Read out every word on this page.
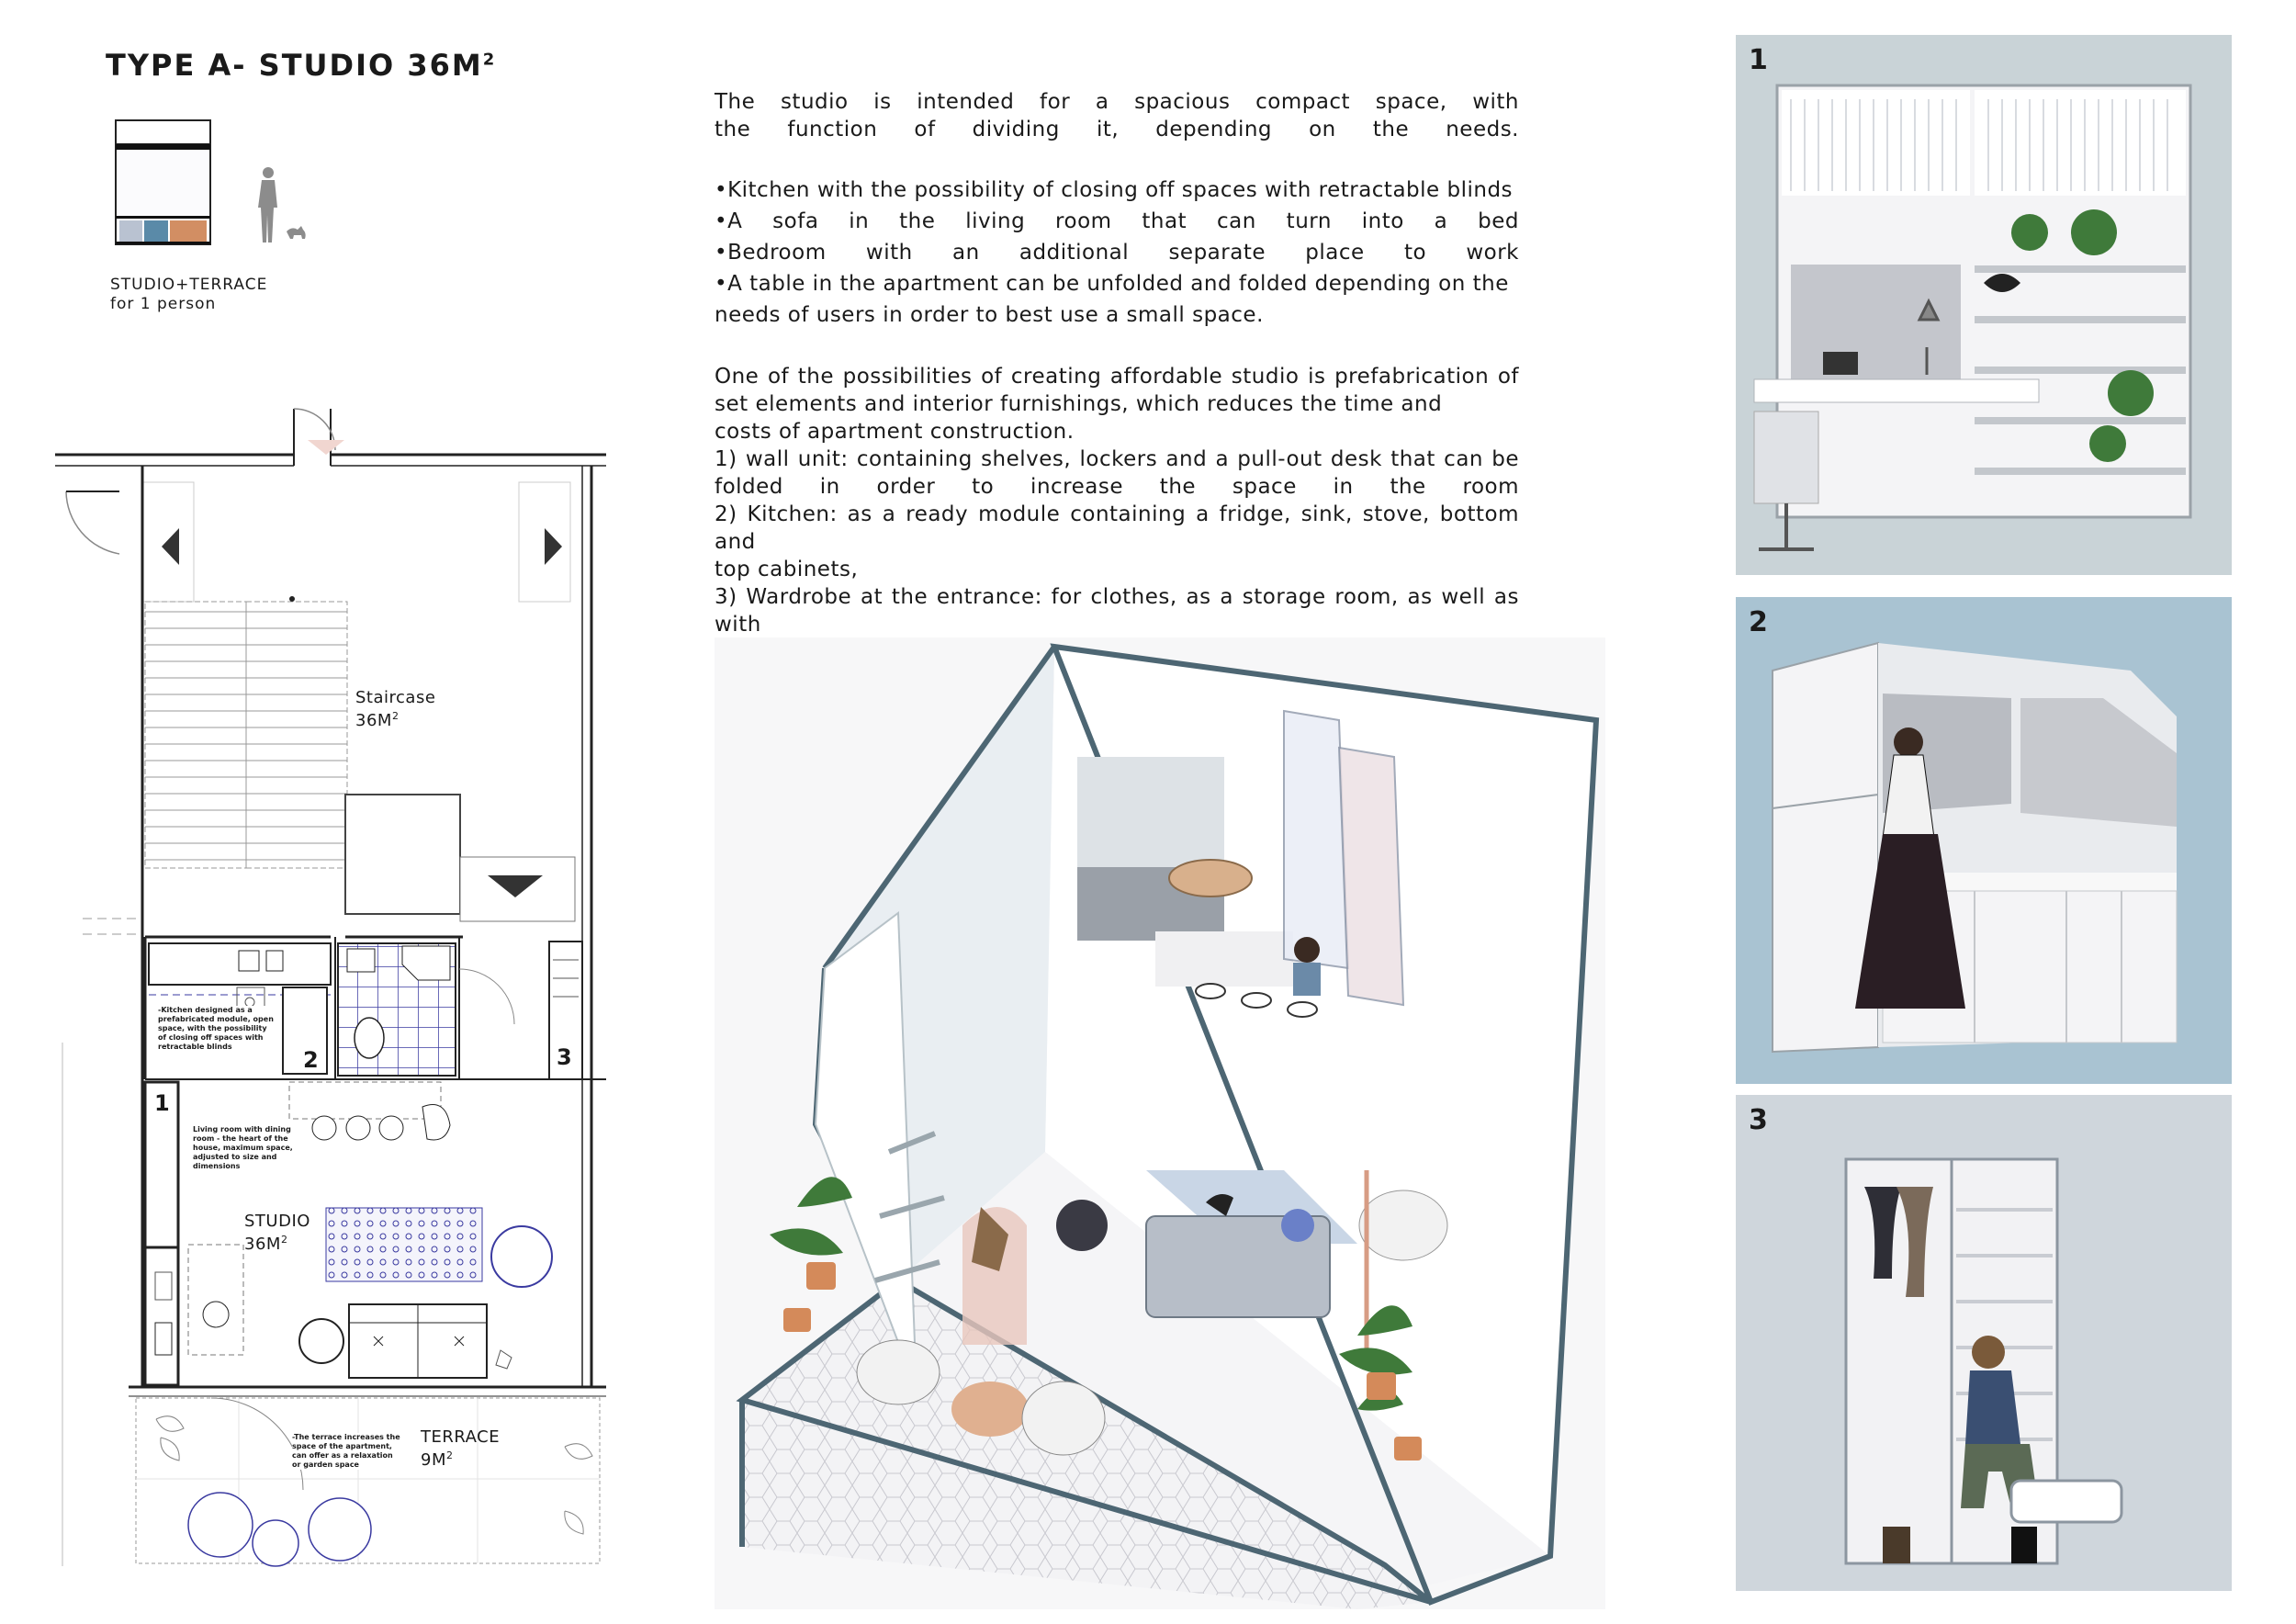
TYPE A- STUDIO $36M^2$
STUDIO+TERRACE
for 1 person
Staircase
$36M^2$
STUDIO
$36M^2$
TERRACE
$9M^2$
-Kitchen designed as a prefabricated module, open space, with the possibility of closing off spaces with retractable blinds
Living room with dining room - the heart of the house, maximum space, adjusted to size and dimensions
-The terrace increases the space of the apartment, can offer as a relaxation or garden space
1
2	3
The studio is intended for a spacious compact space, with
the function of dividing it, depending on the needs.
•Kitchen with the possibility of closing off spaces with retractable blinds
•A sofa in the living room that can turn into a bed
•Bedroom with an additional separate place to work
•A table in the apartment can be unfolded and folded depending on the
needs of users in order to best use a small space.
One of the possibilities of creating affordable studio is prefabrication of
set elements and interior furnishings, which reduces the time and
costs of apartment construction.
1) wall unit: containing shelves, lockers and a pull-out desk that can be
folded in order to increase the space in the room
2) Kitchen: as a ready module containing a fridge, sink, stove, bottom and
top cabinets,
3) Wardrobe at the entrance: for clothes, as a storage room, as well as with
1
2
3
